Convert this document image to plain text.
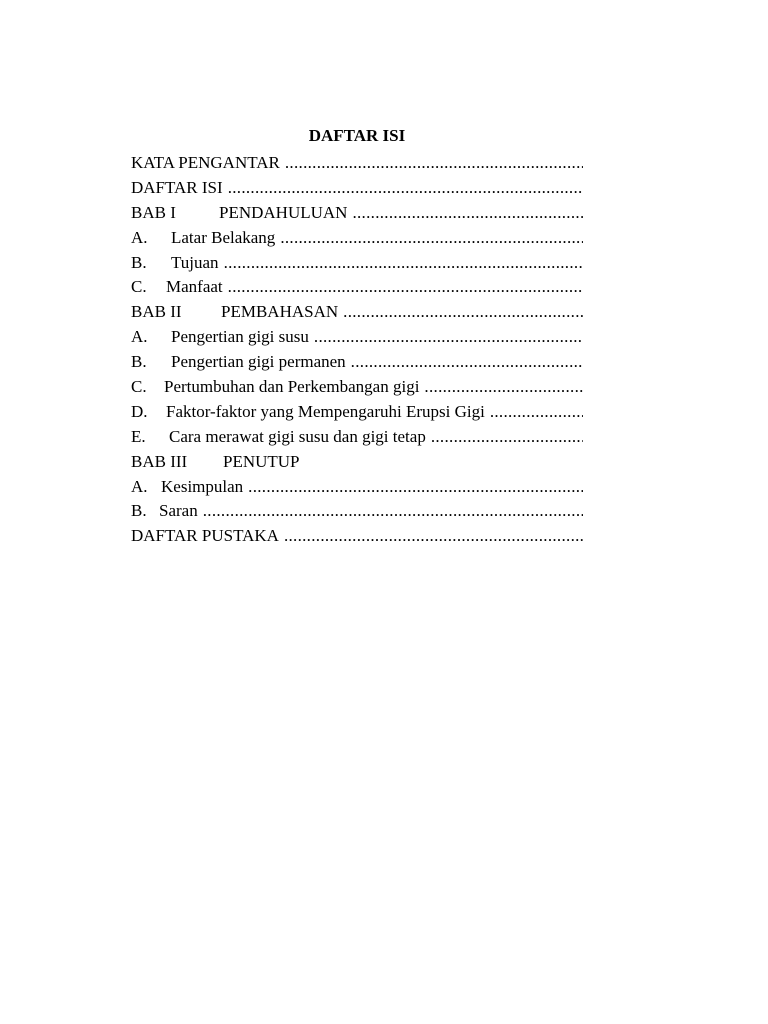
DAFTAR ISI
KATA PENGANTAR
.....
DAFTAR ISI
.....
BAB I	PENDAHULUAN
.....
A. Latar Belakang
.....
B. Tujuan
.....
C. Manfaat
.....
BAB II PEMBAHASAN
.....
A. Pengertian gigi susu
.....
B. Pengertian gigi permanen
.....
C. Pertumbuhan dan Perkembangan gigi
.....
D. Faktor-faktor yang Mempengaruhi Erupsi Gigi
.....
E. Cara merawat gigi susu dan gigi tetap
.....
BAB III PENUTUP
A. Kesimpulan
.....
B. Saran
.....
DAFTAR PUSTAKA
.....
